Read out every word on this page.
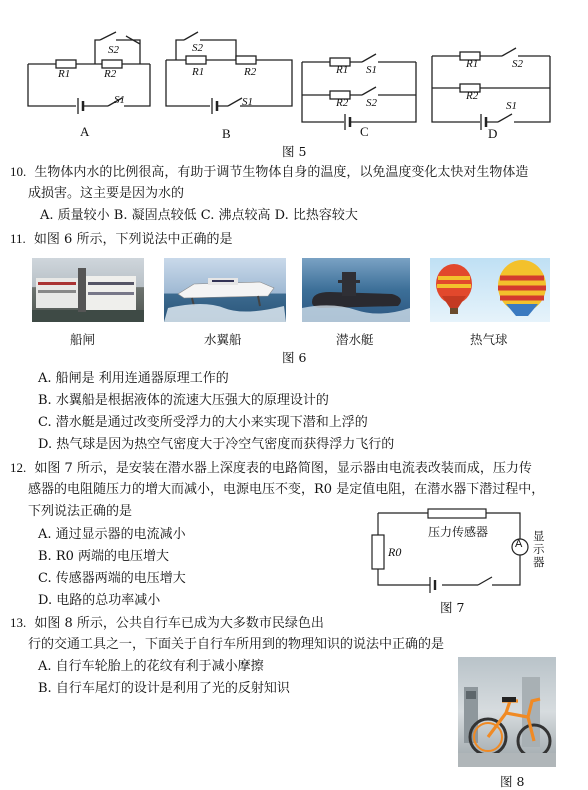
R1	R2
S2
S1
A
R1	R2
S2
S1
B
R1
R2
S1
S2
C
R1
R2
S2
S1
D
图 5
10. 生物体内水的比例很高，有助于调节生物体自身的温度，以免温度变化太快对生物体造
成损害。这主要是因为水的
A. 质量较小 B. 凝固点较低 C. 沸点较高 D. 比热容较大
11. 如图 6 所示，下列说法中正确的是
船闸	水翼船	潜水艇	热气球
图 6
A. 船闸是 利用连通器原理工作的
B. 水翼船是根据液体的流速大压强大的原理设计的
C. 潜水艇是通过改变所受浮力的大小来实现下潜和上浮的
D. 热气球是因为热空气密度大于冷空气密度而获得浮力飞行的
12. 如图 7 所示，是安装在潜水器上深度表的电路简图，显示器由电流表改装而成，压力传
感器的电阻随压力的增大而减小，电源电压不变，R0 是定值电阻，在潜水器下潜过程中，
下列说法正确的是
A. 通过显示器的电流减小
B. R0 两端的电压增大
C. 传感器两端的电压增大
D. 电路的总功率减小
压力传感器
R0
A
显示器
图 7
13. 如图 8 所示，公共自行车已成为大多数市民绿色出
行的交通工具之一，下面关于自行车所用到的物理知识的说法中正确的是
A. 自行车轮胎上的花纹有利于减小摩擦
B. 自行车尾灯的设计是利用了光的反射知识
图 8
